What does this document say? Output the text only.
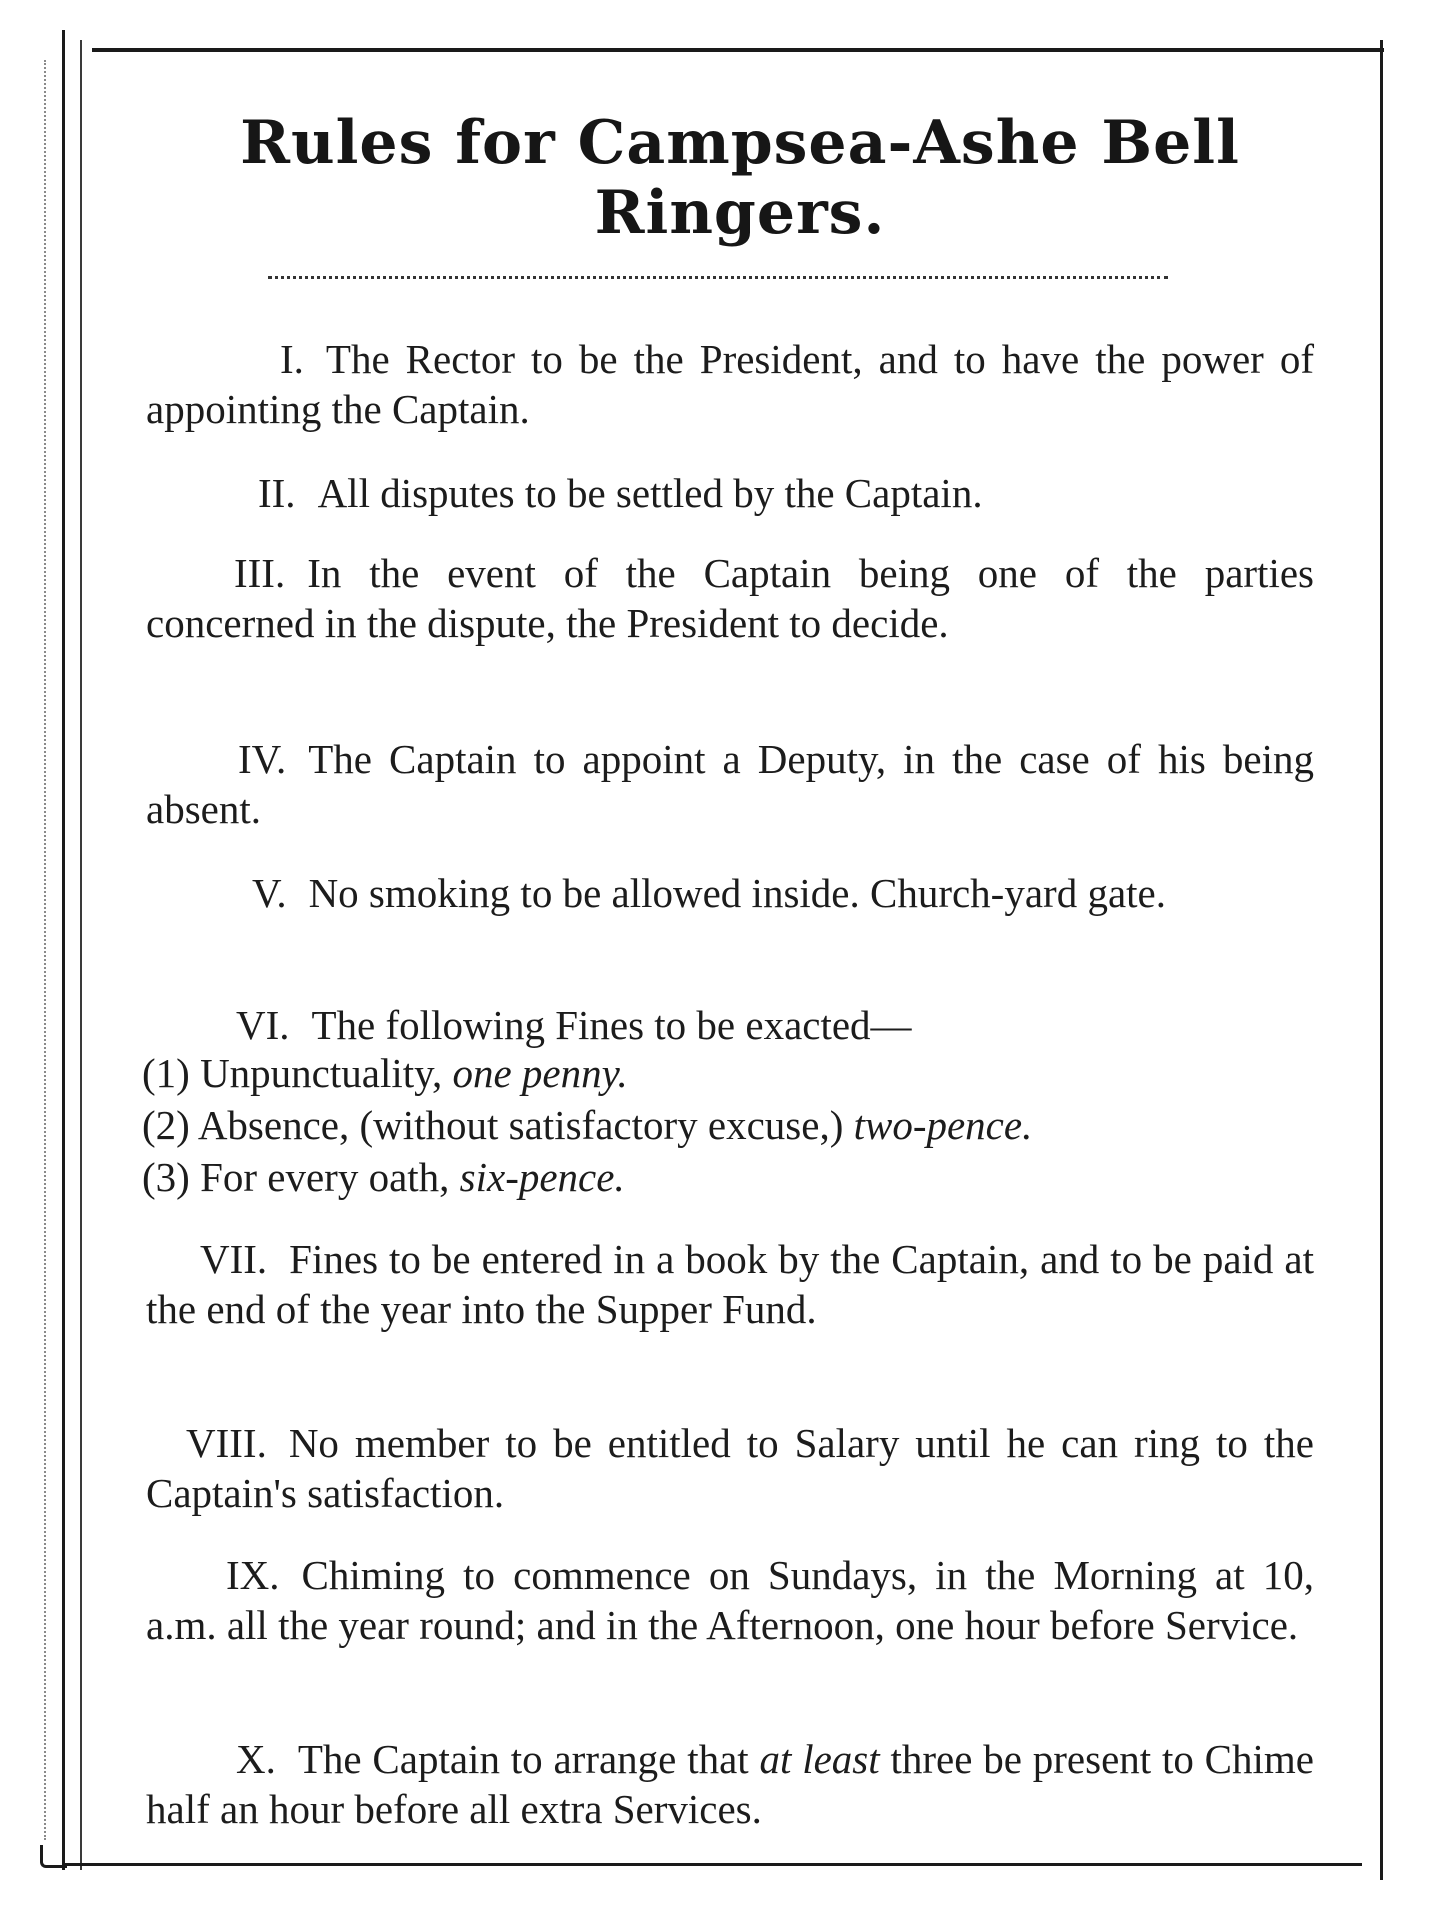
Rules for Campsea-Ashe Bell Ringers.

I. The Rector to be the President, and to have the power of appointing the Captain.

II. All disputes to be settled by the Captain.

III. In the event of the Captain being one of the parties concerned in the dispute, the President to decide.

IV. The Captain to appoint a Deputy, in the case of his being absent.

V. No smoking to be allowed inside. Church-yard gate.

VI. The following Fines to be exacted—

(1) Unpunctuality, one penny.

(2) Absence, (without satisfactory excuse,) two-pence.

(3) For every oath, six-pence.

VII. Fines to be entered in a book by the Captain, and to be paid at the end of the year into the Supper Fund.

VIII. No member to be entitled to Salary until he can ring to the Captain's satisfaction.

IX. Chiming to commence on Sundays, in the Morning at 10, a.m. all the year round; and in the Afternoon, one hour before Service.

X. The Captain to arrange that at least three be present to Chime half an hour before all extra Services.
